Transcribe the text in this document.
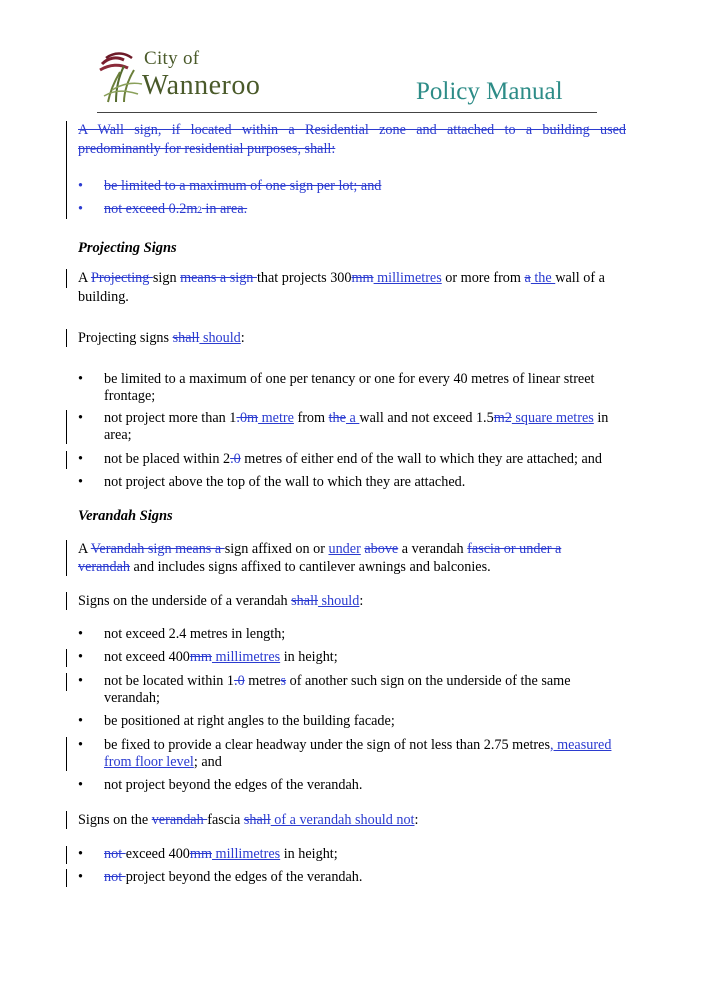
City of
Wanneroo	Policy Manual
A Wall sign, if located within a Residential zone and attached to a building used
predominantly for residential purposes, shall:
• be limited to a maximum of one sign per lot; and
• not exceed 0.2m2 in area.
Projecting Signs
A Projecting sign means a sign that projects 300mm millimetres or more from a the wall of a
building.
Projecting signs shall should:
• be limited to a maximum of one per tenancy or one for every 40 metres of linear street
frontage;
• not project more than 1.0m metre from the a wall and not exceed 1.5m2 square metres in
area;
• not be placed within 2.0 metres of either end of the wall to which they are attached; and
• not project above the top of the wall to which they are attached.
Verandah Signs
A Verandah sign means a sign affixed on or under above a verandah fascia or under a
verandah and includes signs affixed to cantilever awnings and balconies.
Signs on the underside of a verandah shall should:
• not exceed 2.4 metres in length;
• not exceed 400mm millimetres in height;
• not be located within 1.0 metres of another such sign on the underside of the same
verandah;
• be positioned at right angles to the building facade;
• be fixed to provide a clear headway under the sign of not less than 2.75 metres, measured
from floor level; and
• not project beyond the edges of the verandah.
Signs on the verandah fascia shall of a verandah should not:
• not exceed 400mm millimetres in height;
• not project beyond the edges of the verandah.
